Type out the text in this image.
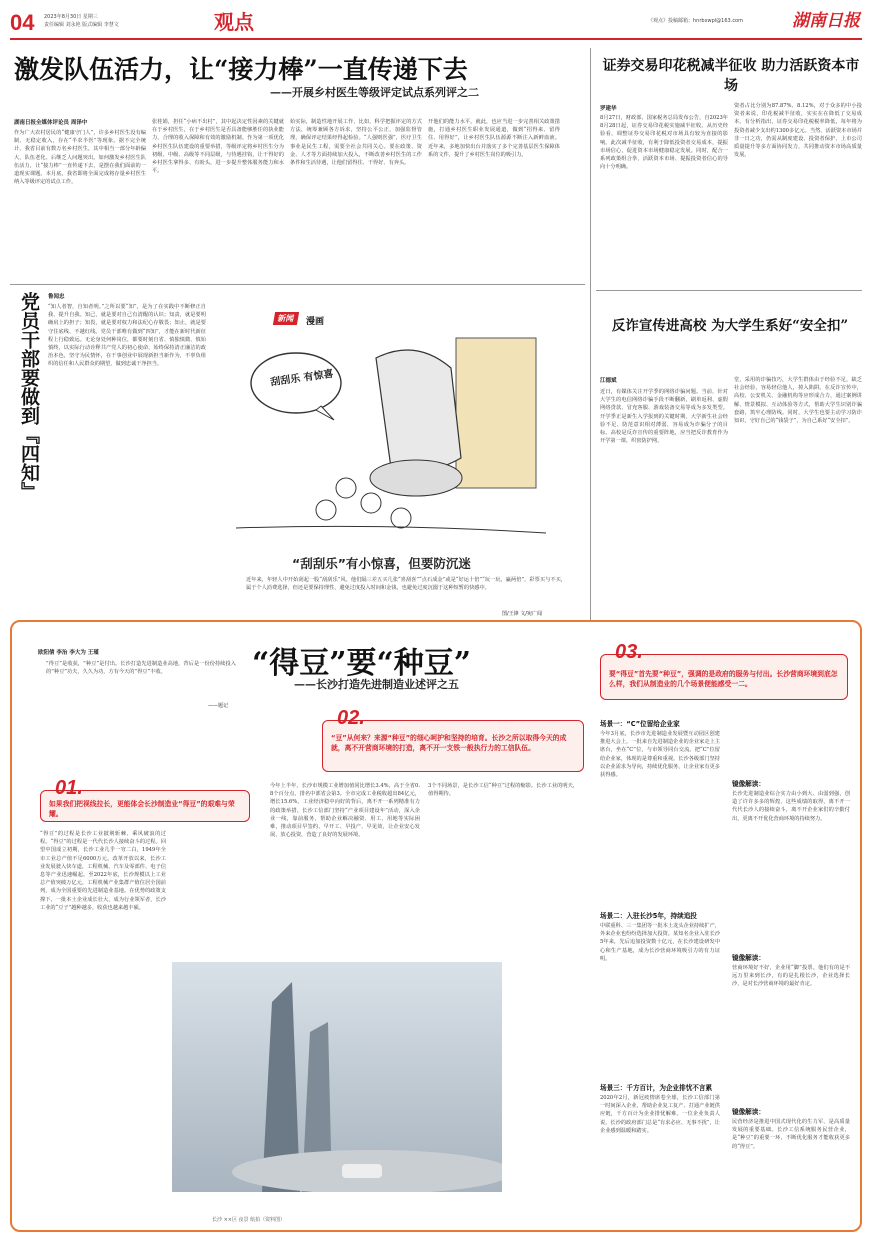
04 2023年8月30日 星期三
责任编辑 刘永艳 版式编辑 李慧文	观点	《观点》投稿邮箱：hnrbxwpl@163.com	湖南日报
激发队伍活力，让“接力棒”一直传递下去
——开展乡村医生等级评定试点系列评之二
湖南日报全媒体评论员 周泽中
作为广大农村居民的“健康守门人”，许多乡村医生没有编制、无稳定收入，存在“半农半医”等现象。据不完全统计，我省目前有数万名乡村医生，其中相当一部分年龄偏大，队伍老化、后继乏人问题突出。如何激发乡村医生队伍活力，让“接力棒”一直传递下去，是摆在我们面前的一道现实课题。本月底，我省即将全面完成将存量乡村医生纳入等级评定的试点工作。
张桂娟，担任“小病不出村”，其中起决定性因素的关键就在于乡村医生，在于乡村医生是否具备能够胜任的执业能力、合理的收入保障和有效的激励机制。作为第一项优化乡村医生队伍建设的重要举措，等级评定将乡村医生分为初级、中级、高级等不同层级，与待遇挂钩，让干得好的乡村医生拿得多、有盼头，进一步提升整体服务能力和水平。
始实际，制造性地开展工作，比如，科学把握评定的方式方法，统筹兼顾各方诉求，坚持公平公正，加强监督管理，确保评定结果经得起检验。“人强则医强”，医疗卫生事业是民生工程，需要全社会共同关心。要在政策、资金、人才等方面持续加大投入，不断改善乡村医生的工作条件和生活待遇，让他们留得住、干得好、有奔头。
开他们的能力水平。就此，也应当进一步完善相关政策措施，打通乡村医生职业发展通道，做到“招得来、留得住、用得好”，让乡村医生队伍源源不断注入新鲜血液。近年来，多地加快出台并落实了多个完善基层医生保障体系的文件，提升了乡村医生岗位的吸引力。
证券交易印花税减半征收 助力活跃资本市场
罗建华
8月27日，财政部、国家税务总局发布公告，自2023年8月28日起，证券交易印花税实施减半征收。从历史经验看，调整证券交易印花税对市场具有较为直接的影响。此次减半征收，有利于降低投资者交易成本，提振市场信心，促进资本市场健康稳定发展。同时，配合一系列政策组合拳，活跃资本市场、提振投资者信心的导向十分明确。
资者占比分别为87.87%、8.12%，对于众多的中小投资者来说，印花税减半征收，实实在在降低了交易成本。有分析指出，证券交易印花税税率降低，每年将为投资者减少支出约1300多亿元。当然，活跃资本市场并非一日之功，仍需从制度建设、投资者保护、上市公司质量提升等多方面协同发力，共同推动资本市场高质量发展。
党员干部要做到『四知』 鲁闻忠
“知人者智，自知者明。”之所以要“知”，是为了在实践中不断修正自我、提升自我。知己，就是要对自己有清醒的认识；知责，就是要明确肩上的担子；知畏，就是要对权力和法纪心存敬畏；知止，就是要守住底线、不越红线。党员干部唯有做到“四知”，才能在新时代新征程上行稳致远。无论身处何种岗位，都要时刻自省、慎独慎微、慎始慎终，以实际行动诠释共产党人的初心使命，始终保持清正廉洁的政治本色，坚守为民情怀，在干事创业中展现新担当新作为，不辜负组织的信任和人民群众的期望，做到忠诚干净担当。
新闻	漫画
刮刮乐 有惊喜
“刮刮乐”有小惊喜，但要防沉迷
近年来，年轻人中开始刮起一股“刮刮乐”风。他们隔三差五买几张“喜刮喜”“点石成金”或是“好运十倍”“玩一玩，赢两倍”，彩票买与不买，属于个人消费选择，但还是要保持理性，避免过度投入时间和金钱，也避免过度沉溺于这种短暂的快感中。
图/王锋 文/宛广闻
反诈宣传进高校 为大学生系好“安全扣”
江德斌
近日，有媒体关注开学季的网络诈骗问题。当前，针对大学生的电信网络诈骗手段不断翻新，刷单返利、虚假网络贷款、冒充客服、游戏装备交易等成为多发类型。开学季正是新生入学报到的关键时期，大学新生社会经验不足、防范意识相对薄弱，容易成为诈骗分子的目标。高校是反诈宣传的重要阵地，应当把反诈教育作为开学第一课，织密防护网。
堂，采用的诈骗技巧，大学生群体由于经验不足，缺乏社会经验，容易轻信他人，掉入陷阱。在反诈宣传中，高校、公安机关、金融机构等应形成合力，通过案例讲解、情景模拟、互动体验等方式，帮助大学生识别诈骗套路，筑牢心理防线。同时，大学生也要主动学习防诈知识，守好自己的“钱袋子”，为自己系好“安全扣”。
欧阳倩 李治 李大为 王瑾
“得豆”是收获，“种豆”是付出。长沙打造先进制造业高地，背后是一份份持续投入的“种豆”功夫，久久为功，方有今天的“得豆”丰收。
——题记
“得豆”要“种豆”
——长沙打造先进制造业述评之五
03.
要“得豆”首先要“种豆”，强调的是政府的服务与付出。长沙营商环境到底怎么样，我们从制造业的几个场景便能感受一二。
02.
“豆”从何来？来源“种豆”的细心呵护和坚持的培育。长沙之所以取得今天的成就，离不开营商环境的打造，离不开一支铁一般执行力的工信队伍。
01.
如果我们把视线拉长，更能体会长沙制造业“得豆”的艰难与荣耀。
“得豆”的过程是长沙工业披荆斩棘、乘风破浪的过程。“得豆”的过程是一代代长沙人接续奋斗的过程。回望中国成立初期，长沙工业几乎一穷二白，1949年全市工业总产值不足6000万元。改革开放以来，长沙工业发展驶入快车道，工程机械、汽车及零部件、电子信息等产业迅速崛起。至2022年底，长沙规模以上工业总产值突破万亿元，工程机械产业集群产值位居全国前列，成为全国重要的先进制造业基地。在优势的政策支撑下，一批本土企业成长壮大，成为行业领军者，长沙工业的“豆子”越种越多，收获也越来越丰硕。
今年上半年，长沙市规模工业增加值同比增长3.4%，高于全省0.8个百分点，排名中部省会第3。全市完成工业税收超出84亿元，增长15.6%。工业经济稳中向好的背后，离不开一系列精准有力的政策举措。长沙工信部门坚持“产业项目建设年”活动，深入企业一线，靠前服务，帮助企业解决融资、用工、用地等实际困难，推动项目早签约、早开工、早投产、早见效，让企业安心发展、放心投资，营造了良好的发展环境。
3个不同场景，是长沙工信“种豆”过程的缩影。长沙工业的明天，值得期待。
长沙 ××区 夜景 航拍（资料图）
场景一：“C”位留给企业家
今年3月底，长沙市先进制造业发展暨互动园区创建推进大会上，一批来自先进制造企业的企业家走上主席台，坐在“C”位，与市领导同台交流。把“C”位留给企业家，体现的是尊重和重视。长沙各级部门坚持以企业需求为导向，持续优化服务，让企业家有更多获得感。
场景二：入驻长沙5年，持续追投
中联重科、三一集团等一批本土龙头企业持续扩产，外来企业也纷纷选择加大投资。某知名企业入驻长沙5年来，先后追加投资数十亿元，在长沙建设研发中心和生产基地，成为长沙营商环境吸引力的有力证明。
场景三：千方百计，为企业排忧不言累
2020年2月，新冠疫情席卷全球，长沙工信部门第一时间深入企业，帮助企业复工复产、打通产业链供应链，千方百计为企业排忧解难。一位企业负责人说，长沙的政府部门总是“有求必应、无事不扰”，让企业感到温暖和踏实。
镜像解读：
长沙先进制造业综合实力由小到大、由弱到强，创造了许许多多的辉煌，这些成绩的取得，离不开一代代长沙人的接续奋斗，离不开企业家们的辛勤付出，更离不开优化营商环境的持续努力。
镜像解读：
营商环境好不好，企业用“脚”投票。他们有的是不远万里来到长沙，有的是扎根长沙，企业选择长沙，是对长沙营商环境的最好肯定。
镜像解读：
民营经济是推进中国式现代化的生力军，是高质量发展的重要基础。长沙工信系统服务民营企业，是“种豆”的重要一环，不断优化服务才能收获更多的“得豆”。
